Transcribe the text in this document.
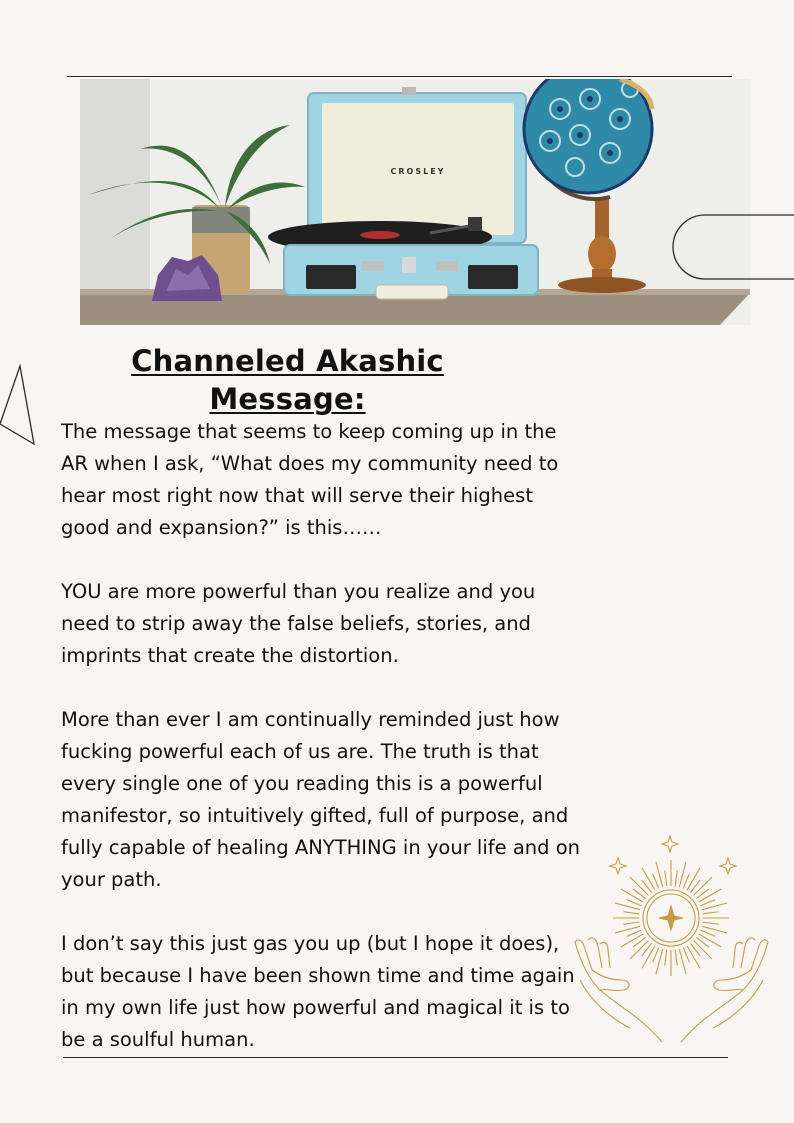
CROSLEY
Channeled Akashic Message:

The message that seems to keep coming up in the AR when I ask, “What does my community need to hear most right now that will serve their highest good and expansion?” is this……

YOU are more powerful than you realize and you need to strip away the false beliefs, stories, and imprints that create the distortion.

More than ever I am continually reminded just how fucking powerful each of us are. The truth is that every single one of you reading this is a powerful manifestor, so intuitively gifted, full of purpose, and fully capable of healing ANYTHING in your life and on your path.

I don’t say this just gas you up (but I hope it does), but because I have been shown time and time again in my own life just how powerful and magical it is to be a soulful human.
